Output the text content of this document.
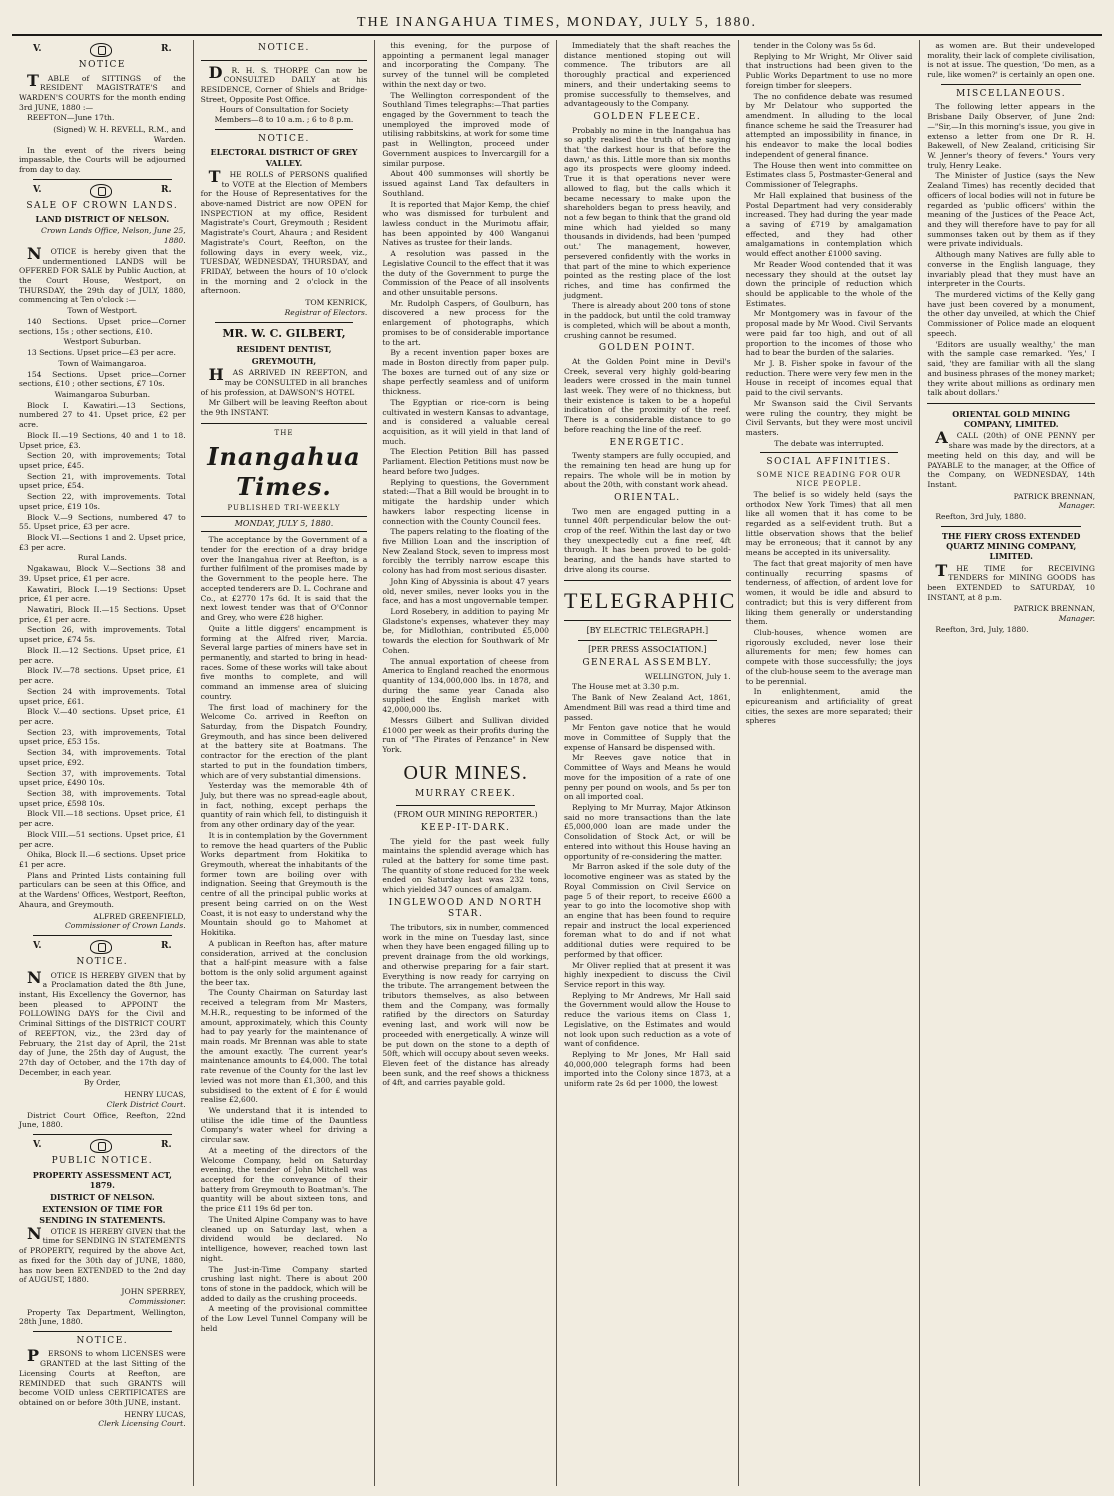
THE INANGAHUA TIMES, MONDAY, JULY 5, 1880.
V.	R.
NOTICE

TABLE of SITTINGS of the RESIDENT MAGISTRATE'S and WARDEN'S COURTS for the month ending 3rd JUNE, 1880 :—

REEFTON—June 17th.

(Signed) W. H. REVELL, R.M., and Warden.

In the event of the rivers being impassable, the Courts will be adjourned from day to day.

V.	R.
SALE OF CROWN LANDS.
LAND DISTRICT OF NELSON.
Crown Lands Office, Nelson, June 25, 1880.

NOTICE is hereby given that the undermentioned LANDS will be OFFERED FOR SALE by Public Auction, at the Court House, Westport, on THURSDAY, the 29th day of JULY, 1880, commencing at Ten o'clock :—

Town of Westport.

140 Sections. Upset price—Corner sections, 15s ; other sections, £10.

Westport Suburban.

13 Sections. Upset price—£3 per acre.

Town of Waimangaroa.

154 Sections. Upset price—Corner sections, £10 ; other sections, £7 10s.

Waimangaroa Suburban.

Block I. Kawatiri.—13 Sections, numbered 27 to 41. Upset price, £2 per acre.

Block II.—19 Sections, 40 and 1 to 18. Upset price, £3.

Section 20, with improvements; Total upset price, £45.

Section 21, with improvements. Total upset price, £54.

Section 22, with improvements. Total upset price, £19 10s.

Block V.—9 Sections, numbered 47 to 55. Upset price, £3 per acre.

Block VI.—Sections 1 and 2. Upset price, £3 per acre.

Rural Lands.

Ngakawau, Block V.—Sections 38 and 39. Upset price, £1 per acre.

Kawatiri, Block I.—19 Sections: Upset price, £1 per acre.

Nawatiri, Block II.—15 Sections. Upset price, £1 per acre.

Section 26, with improvements. Total upset price, £74 5s.

Block II.—12 Sections. Upset price, £1 per acre.

Block IV.—78 sections. Upset price, £1 per acre.

Section 24 with improvements. Total upset price, £61.

Block V.—40 sections. Upset price, £1 per acre.

Section 23, with improvements, Total upset price, £53 15s.

Section 34, with improvements. Total upset price, £92.

Section 37, with improvements. Total upset price, £490 10s.

Section 38, with improvements. Total upset price, £598 10s.

Block VII.—18 sections. Upset price, £1 per acre.

Block VIII.—51 sections. Upset price, £1 per acre.

Ohika, Block II.—6 sections. Upset price £1 per acre.

Plans and Printed Lists containing full particulars can be seen at this Office, and at the Wardens' Offices, Westport, Reefton, Ahaura, and Greymouth.

ALFRED GREENFIELD,
Commissioner of Crown Lands.
V.	R.
NOTICE.

NOTICE IS HEREBY GIVEN that by a Proclamation dated the 8th June, instant, His Excellency the Governor, has been pleased to APPOINT the FOLLOWING DAYS for the Civil and Criminal Sittings of the DISTRICT COURT of REEFTON, viz., the 23rd day of February, the 21st day of April, the 21st day of June, the 25th day of August, the 27th day of October, and the 17th day of December, in each year.

By Order,
HENRY LUCAS,
Clerk District Court.

District Court Office, Reefton, 22nd June, 1880.

V.	R.
PUBLIC NOTICE.
PROPERTY ASSESSMENT ACT, 1879.
DISTRICT OF NELSON.
EXTENSION OF TIME FOR SENDING IN STATEMENTS.

NOTICE IS HEREBY GIVEN that the time for SENDING IN STATEMENTS of PROPERTY, required by the above Act, as fixed for the 30th day of JUNE, 1880, has now been EXTENDED to the 2nd day of AUGUST, 1880.

JOHN SPERREY,
Commissioner.

Property Tax Department, Wellington, 28th June, 1880.

NOTICE.

PERSONS to whom LICENSES were GRANTED at the last Sitting of the Licensing Courts at Reefton, are REMINDED that such GRANTS will become VOID unless CERTIFICATES are obtained on or before 30th JUNE, instant.

HENRY LUCAS,
Clerk Licensing Court.
NOTICE.

DR. H. S. THORPE Can now be CONSULTED DAILY at his RESIDENCE, Corner of Shiels and Bridge-Street, Opposite Post Office.

Hours of Consultation for Society
Members—8 to 10 a.m. ; 6 to 8 p.m.
NOTICE.
ELECTORAL DISTRICT OF GREY VALLEY.

THE ROLLS of PERSONS qualified to VOTE at the Election of Members for the House of Representatives for the above-named District are now OPEN for INSPECTION at my office, Resident Magistrate's Court, Greymouth ; Resident Magistrate's Court, Ahaura ; and Resident Magistrate's Court, Reefton, on the following days in every week, viz., TUESDAY, WEDNESDAY, THURSDAY, and FRIDAY, between the hours of 10 o'clock in the morning and 2 o'clock in the afternoon.

TOM KENRICK,
Registrar of Electors.
MR. W. C. GILBERT,
RESIDENT DENTIST,
GREYMOUTH,

HAS ARRIVED IN REEFTON, and may be CONSULTED in all branches of his profession, at DAWSON'S HOTEL

Mr Gilbert will be leaving Reefton about the 9th INSTANT.

THE
Inangahua Times.
PUBLISHED TRI-WEEKLY
MONDAY, JULY 5, 1880.

The acceptance by the Government of a tender for the erection of a dray bridge over the Inangahua river at Reefton, is a further fulfilment of the promises made by the Government to the people here. The accepted tenderers are D. L. Cochrane and Co., at £2770 17s 6d. It is said that the next lowest tender was that of O'Connor and Grey, who were £28 higher.

Quite a little diggers' encampment is forming at the Alfred river, Marcia. Several large parties of miners have set in permanently, and started to bring in head-races. Some of these works will take about five months to complete, and will command an immense area of sluicing country.

The first load of machinery for the Welcome Co. arrived in Reefton on Saturday, from the Dispatch Foundry, Greymouth, and has since been delivered at the battery site at Boatmans. The contractor for the erection of the plant started to put in the foundation timbers, which are of very substantial dimensions.

Yesterday was the memorable 4th of July, but there was no spread-eagle about, in fact, nothing, except perhaps the quantity of rain which fell, to distinguish it from any other ordinary day of the year.

It is in contemplation by the Government to remove the head quarters of the Public Works department from Hokitika to Greymouth, whereat the inhabitants of the former town are boiling over with indignation. Seeing that Greymouth is the centre of all the principal public works at present being carried on on the West Coast, it is not easy to understand why the Mountain should go to Mahomet at Hokitika.

A publican in Reefton has, after mature consideration, arrived at the conclusion that a half-pint measure with a false bottom is the only solid argument against the beer tax.

The County Chairman on Saturday last received a telegram from Mr Masters, M.H.R., requesting to be informed of the amount, approximately, which this County had to pay yearly for the maintenance of main roads. Mr Brennan was able to state the amount exactly. The current year's maintenance amounts to £4,000. The total rate revenue of the County for the last lev levied was not more than £1,300, and this subsidised to the extent of £ for £ would realise £2,600.

We understand that it is intended to utilise the idle time of the Dauntless Company's water wheel for driving a circular saw.

At a meeting of the directors of the Welcome Company, held on Saturday evening, the tender of John Mitchell was accepted for the conveyance of their battery from Greymouth to Boatman's. The quantity will be about sixteen tons, and the price £11 19s 6d per ton.

The United Alpine Company was to have cleaned up on Saturday last, when a dividend would be declared. No intelligence, however, reached town last night.

The Just-in-Time Company started crushing last night. There is about 200 tons of stone in the paddock, which will be added to daily as the crushing proceeds.

A meeting of the provisional committee of the Low Level Tunnel Company will be held

this evening, for the purpose of appointing a permanent legal manager and incorporating the Company. The survey of the tunnel will be completed within the next day or two.

The Wellington correspondent of the Southland Times telegraphs:—That parties engaged by the Government to teach the unemployed the improved mode of utilising rabbitskins, at work for some time past in Wellington, proceed under Government auspices to Invercargill for a similar purpose.

About 400 summonses will shortly be issued against Land Tax defaulters in Southland.

It is reported that Major Kemp, the chief who was dismissed for turbulent and lawless conduct in the Murimotu affair, has been appointed by 400 Wanganui Natives as trustee for their lands.

A resolution was passed in the Legislative Council to the effect that it was the duty of the Government to purge the Commission of the Peace of all insolvents and other unsuitable persons.

Mr. Rudolph Caspers, of Goulburn, has discovered a new process for the enlargement of photographs, which promises to be of considerable importance to the art.

By a recent invention paper boxes are made in Boston directly from paper pulp. The boxes are turned out of any size or shape perfectly seamless and of uniform thickness.

The Egyptian or rice-corn is being cultivated in western Kansas to advantage, and is considered a valuable cereal acquisition, as it will yield in that land of much.

The Election Petition Bill has passed Parliament. Election Petitions must now be heard before two Judges.

Replying to questions, the Government stated:—That a Bill would be brought in to mitigate the hardship under which hawkers labor respecting license in connection with the County Council fees.

The papers relating to the floating of the five Million Loan and the inscription of New Zealand Stock, seven to impress most forcibly the terribly narrow escape this colony has had from most serious disaster.

John King of Abyssinia is about 47 years old, never smiles, never looks you in the face, and has a most ungovernable temper.

Lord Rosebery, in addition to paying Mr Gladstone's expenses, whatever they may be, for Midlothian, contributed £5,000 towards the election for Southwark of Mr Cohen.

The annual exportation of cheese from America to England reached the enormous quantity of 134,000,000 lbs. in 1878, and during the same year Canada also supplied the English market with 42,000,000 lbs.

Messrs Gilbert and Sullivan divided £1000 per week as their profits during the run of "The Pirates of Penzance" in New York.

OUR MINES.
MURRAY CREEK.
(FROM OUR MINING REPORTER.)
KEEP-IT-DARK.

The yield for the past week fully maintains the splendid average which has ruled at the battery for some time past. The quantity of stone reduced for the week ended on Saturday last was 232 tons, which yielded 347 ounces of amalgam.

INGLEWOOD AND NORTH STAR.

The tributors, six in number, commenced work in the mine on Tuesday last, since when they have been engaged filling up to prevent drainage from the old workings, and otherwise preparing for a fair start. Everything is now ready for carrying on the tribute. The arrangement between the tributors themselves, as also between them and the Company, was formally ratified by the directors on Saturday evening last, and work will now be proceeded with energetically. A winze will be put down on the stone to a depth of 50ft, which will occupy about seven weeks. Eleven feet of the distance has already been sunk, and the reef shows a thickness of 4ft, and carries payable gold.

Immediately that the shaft reaches the distance mentioned stoping out will commence. The tributors are all thoroughly practical and experienced miners, and their undertaking seems to promise successfully to themselves, and advantageously to the Company.

GOLDEN FLEECE.

Probably no mine in the Inangahua has so aptly realised the truth of the saying that 'the darkest hour is that before the dawn,' as this. Little more than six months ago its prospects were gloomy indeed. True it is that operations never were allowed to flag, but the calls which it became necessary to make upon the shareholders began to press heavily, and not a few began to think that the grand old mine which had yielded so many thousands in dividends, had been 'pumped out.' The management, however, persevered confidently with the works in that part of the mine to which experience pointed as the resting place of the lost riches, and time has confirmed the judgment.

There is already about 200 tons of stone in the paddock, but until the cold tramway is completed, which will be about a month, crushing cannot be resumed.

GOLDEN POINT.

At the Golden Point mine in Devil's Creek, several very highly gold-bearing leaders were crossed in the main tunnel last week. They were of no thickness, but their existence is taken to be a hopeful indication of the proximity of the reef. There is a considerable distance to go before reaching the line of the reef.

ENERGETIC.

Twenty stampers are fully occupied, and the remaining ten head are hung up for repairs. The whole will be in motion by about the 20th, with constant work ahead.

ORIENTAL.

Two men are engaged putting in a tunnel 40ft perpendicular below the out-crop of the reef. Within the last day or two they unexpectedly cut a fine reef, 4ft through. It has been proved to be gold-bearing, and the hands have started to drive along its course.

TELEGRAPHIC
[BY ELECTRIC TELEGRAPH.]
[PER PRESS ASSOCIATION.]
GENERAL ASSEMBLY.
WELLINGTON, July 1.

The House met at 3.30 p.m.

The Bank of New Zealand Act, 1861, Amendment Bill was read a third time and passed.

Mr Fenton gave notice that he would move in Committee of Supply that the expense of Hansard be dispensed with.

Mr Reeves gave notice that in Committee of Ways and Means he would move for the imposition of a rate of one penny per pound on wools, and 5s per ton on all imported coal.

Replying to Mr Murray, Major Atkinson said no more transactions than the late £5,000,000 loan are made under the Consolidation of Stock Act, or will be entered into without this House having an opportunity of re-considering the matter.

Mr Barron asked if the sole duty of the locomotive engineer was as stated by the Royal Commission on Civil Service on page 5 of their report, to receive £600 a year to go into the locomotive shop with an engine that has been found to require repair and instruct the local experienced foreman what to do and if not what additional duties were required to be performed by that officer.

Mr Oliver replied that at present it was highly inexpedient to discuss the Civil Service report in this way.

Replying to Mr Andrews, Mr Hall said the Government would allow the House to reduce the various items on Class 1, Legislative, on the Estimates and would not look upon such reduction as a vote of want of confidence.

Replying to Mr Jones, Mr Hall said 40,000,000 telegraph forms had been imported into the Colony since 1873, at a uniform rate 2s 6d per 1000, the lowest

tender in the Colony was 5s 6d.

Replying to Mr Wright, Mr Oliver said that instructions had been given to the Public Works Department to use no more foreign timber for sleepers.

The no confidence debate was resumed by Mr Delatour who supported the amendment. In alluding to the local finance scheme he said the Treasurer had attempted an impossibility in finance, in his endeavor to make the local bodies independent of general finance.

The House then went into committee on Estimates class 5, Postmaster-General and Commissioner of Telegraphs.

Mr Hall explained that business of the Postal Department had very considerably increased. They had during the year made a saving of £719 by amalgamation effected, and they had other amalgamations in contemplation which would effect another £1000 saving.

Mr Reader Wood contended that it was necessary they should at the outset lay down the principle of reduction which should be applicable to the whole of the Estimates.

Mr Montgomery was in favour of the proposal made by Mr Wood. Civil Servants were paid far too high, and out of all proportion to the incomes of those who had to bear the burden of the salaries.

Mr J. B. Fisher spoke in favour of the reduction. There were very few men in the House in receipt of incomes equal that paid to the civil servants.

Mr Swanson said the Civil Servants were ruling the country, they might be Civil Servants, but they were most uncivil masters.

The debate was interrupted.
SOCIAL AFFINITIES.
SOME NICE READING FOR OUR NICE PEOPLE.

The belief is so widely held (says the orthodox New York Times) that all men like all women that it has come to be regarded as a self-evident truth. But a little observation shows that the belief may be erroneous; that it cannot by any means be accepted in its universality.

The fact that great majority of men have continually recurring spasms of tenderness, of affection, of ardent love for women, it would be idle and absurd to contradict; but this is very different from liking them generally or understanding them.

Club-houses, whence women are rigorously excluded, never lose their allurements for men; few homes can compete with those successfully; the joys of the club-house seem to the average man to be perennial.

In enlightenment, amid the epicureanism and artificiality of great cities, the sexes are more separated; their spheres

as women are. But their undeveloped morality, their lack of complete civilisation, is not at issue. The question, 'Do men, as a rule, like women?' is certainly an open one.

MISCELLANEOUS.

The following letter appears in the Brisbane Daily Observer, of June 2nd:—"Sir,—In this morning's issue, you give in extenso a letter from one Dr R. H. Bakewell, of New Zealand, criticising Sir W. Jenner's theory of fevers." Yours very truly, Henry Leake.

The Minister of Justice (says the New Zealand Times) has recently decided that officers of local bodies will not in future be regarded as 'public officers' within the meaning of the Justices of the Peace Act, and they will therefore have to pay for all summonses taken out by them as if they were private individuals.

Although many Natives are fully able to converse in the English language, they invariably plead that they must have an interpreter in the Courts.

The murdered victims of the Kelly gang have just been covered by a monument, the other day unveiled, at which the Chief Commissioner of Police made an eloquent speech.

'Editors are usually wealthy,' the man with the sample case remarked. 'Yes,' I said, 'they are familiar with all the slang and business phrases of the money market; they write about millions as ordinary men talk about dollars.'

ORIENTAL GOLD MINING COMPANY, LIMITED.

ACALL (20th) of ONE PENNY per share was made by the directors, at a meeting held on this day, and will be PAYABLE to the manager, at the Office of the Company, on WEDNESDAY, 14th Instant.

PATRICK BRENNAN,
Manager.

Reefton, 3rd July, 1880.

THE FIERY CROSS EXTENDED QUARTZ MINING COMPANY, LIMITED.

THE TIME for RECEIVING TENDERS for MINING GOODS has been EXTENDED to SATURDAY, 10 INSTANT, at 8 p.m.

PATRICK BRENNAN,
Manager.

Reefton, 3rd, July, 1880.
